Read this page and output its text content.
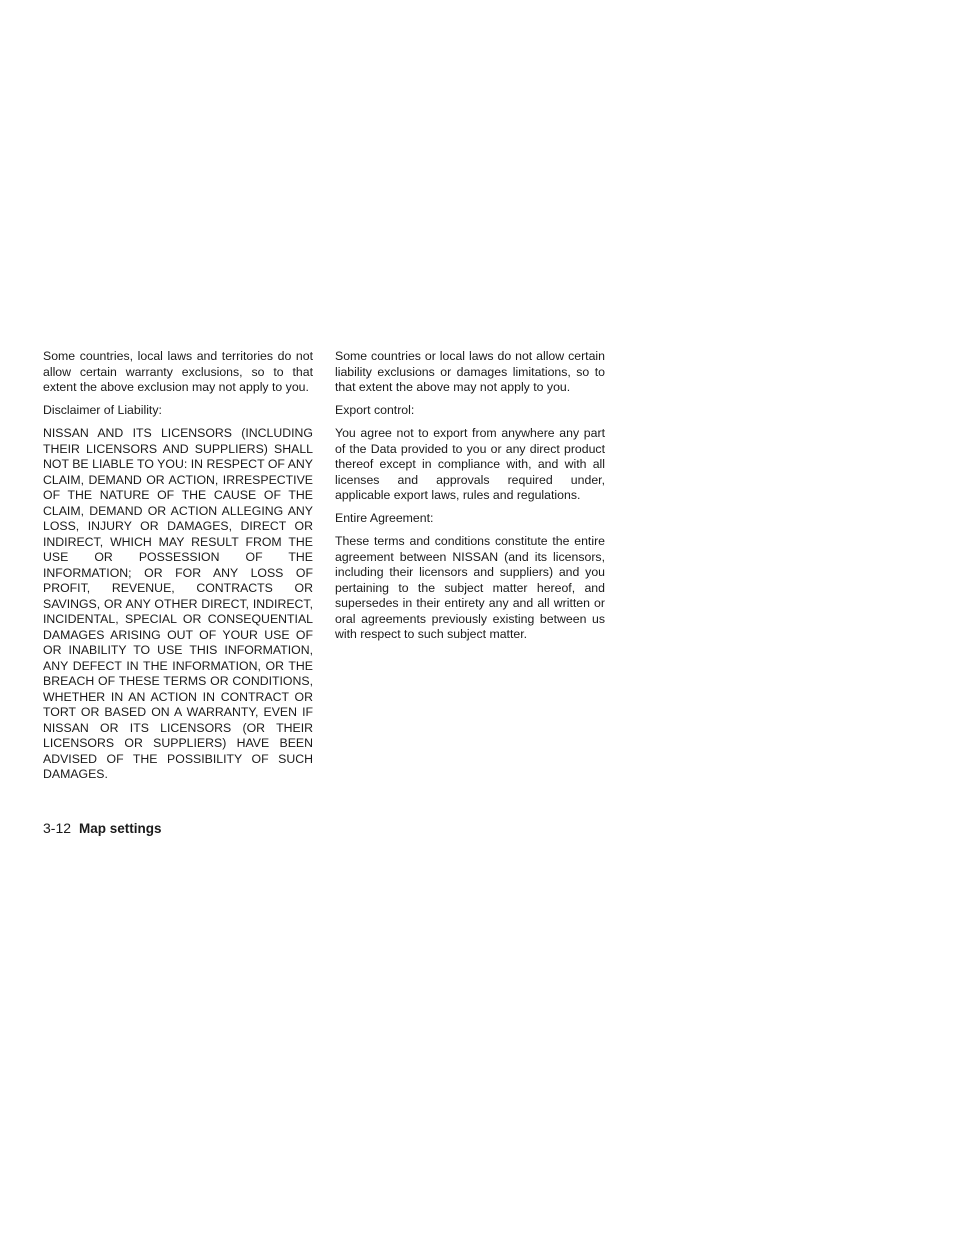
Some countries, local laws and territories do not allow certain warranty exclusions, so to that extent the above exclusion may not apply to you.

Disclaimer of Liability:

NISSAN AND ITS LICENSORS (INCLUDING THEIR LICENSORS AND SUPPLIERS) SHALL NOT BE LIABLE TO YOU: IN RESPECT OF ANY CLAIM, DEMAND OR ACTION, IRRESPECTIVE OF THE NATURE OF THE CAUSE OF THE CLAIM, DEMAND OR ACTION ALLEGING ANY LOSS, INJURY OR DAMAGES, DIRECT OR INDIRECT, WHICH MAY RESULT FROM THE USE OR POSSESSION OF THE INFORMATION; OR FOR ANY LOSS OF PROFIT, REVENUE, CONTRACTS OR SAVINGS, OR ANY OTHER DIRECT, INDIRECT, INCIDENTAL, SPECIAL OR CONSEQUENTIAL DAMAGES ARISING OUT OF YOUR USE OF OR INABILITY TO USE THIS INFORMATION, ANY DEFECT IN THE INFORMATION, OR THE BREACH OF THESE TERMS OR CONDITIONS, WHETHER IN AN ACTION IN CONTRACT OR TORT OR BASED ON A WARRANTY, EVEN IF NISSAN OR ITS LICENSORS (OR THEIR LICENSORS OR SUPPLIERS) HAVE BEEN ADVISED OF THE POSSIBILITY OF SUCH DAMAGES.

Some countries or local laws do not allow certain liability exclusions or damages limitations, so to that extent the above may not apply to you.

Export control:

You agree not to export from anywhere any part of the Data provided to you or any direct product thereof except in compliance with, and with all licenses and approvals required under, applicable export laws, rules and regulations.

Entire Agreement:

These terms and conditions constitute the entire agreement between NISSAN (and its licensors, including their licensors and suppliers) and you pertaining to the subject matter hereof, and supersedes in their entirety any and all written or oral agreements previously existing between us with respect to such subject matter.

3-12 Map settings
